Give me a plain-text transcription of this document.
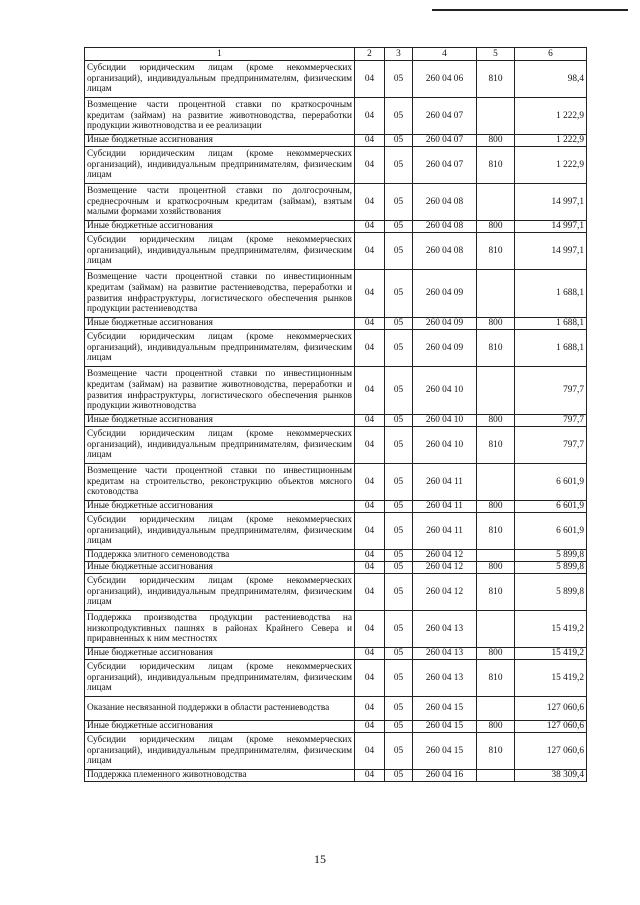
1	2	3	4	5	6
Субсидии юридическим лицам (кроме некоммерческих организаций), индивидуальным предпринимателям, физическим лицам	04	05	260 04 06	810	98,4
Возмещение части процентной ставки по краткосрочным кредитам (займам) на развитие животноводства, переработки продукции животноводства и ее реализации	04	05	260 04 07		1 222,9
Иные бюджетные ассигнования	04	05	260 04 07	800	1 222,9
Субсидии юридическим лицам (кроме некоммерческих организаций), индивидуальным предпринимателям, физическим лицам	04	05	260 04 07	810	1 222,9
Возмещение части процентной ставки по долгосрочным, среднесрочным и краткосрочным кредитам (займам), взятым малыми формами хозяйствования	04	05	260 04 08		14 997,1
Иные бюджетные ассигнования	04	05	260 04 08	800	14 997,1
Субсидии юридическим лицам (кроме некоммерческих организаций), индивидуальным предпринимателям, физическим лицам	04	05	260 04 08	810	14 997,1
Возмещение части процентной ставки по инвестиционным кредитам (займам) на развитие растениеводства, переработки и развития инфраструктуры, логистического обеспечения рынков продукции растениеводства	04	05	260 04 09		1 688,1
Иные бюджетные ассигнования	04	05	260 04 09	800	1 688,1
Субсидии юридическим лицам (кроме некоммерческих организаций), индивидуальным предпринимателям, физическим лицам	04	05	260 04 09	810	1 688,1
Возмещение части процентной ставки по инвестиционным кредитам (займам) на развитие животноводства, переработки и развития инфраструктуры, логистического обеспечения рынков продукции животноводства	04	05	260 04 10		797,7
Иные бюджетные ассигнования	04	05	260 04 10	800	797,7
Субсидии юридическим лицам (кроме некоммерческих организаций), индивидуальным предпринимателям, физическим лицам	04	05	260 04 10	810	797,7
Возмещение части процентной ставки по инвестиционным кредитам на строительство, реконструкцию объектов мясного скотоводства	04	05	260 04 11		6 601,9
Иные бюджетные ассигнования	04	05	260 04 11	800	6 601,9
Субсидии юридическим лицам (кроме некоммерческих организаций), индивидуальным предпринимателям, физическим лицам	04	05	260 04 11	810	6 601,9
Поддержка элитного семеноводства	04	05	260 04 12		5 899,8
Иные бюджетные ассигнования	04	05	260 04 12	800	5 899,8
Субсидии юридическим лицам (кроме некоммерческих организаций), индивидуальным предпринимателям, физическим лицам	04	05	260 04 12	810	5 899,8
Поддержка производства продукции растениеводства на низкопродуктивных пашнях в районах Крайнего Севера и приравненных к ним местностях	04	05	260 04 13		15 419,2
Иные бюджетные ассигнования	04	05	260 04 13	800	15 419,2
Субсидии юридическим лицам (кроме некоммерческих организаций), индивидуальным предпринимателям, физическим лицам	04	05	260 04 13	810	15 419,2
Оказание несвязанной поддержки в области растениеводства	04	05	260 04 15		127 060,6
Иные бюджетные ассигнования	04	05	260 04 15	800	127 060,6
Субсидии юридическим лицам (кроме некоммерческих организаций), индивидуальным предпринимателям, физическим лицам	04	05	260 04 15	810	127 060,6
Поддержка племенного животноводства	04	05	260 04 16		38 309,4
15
